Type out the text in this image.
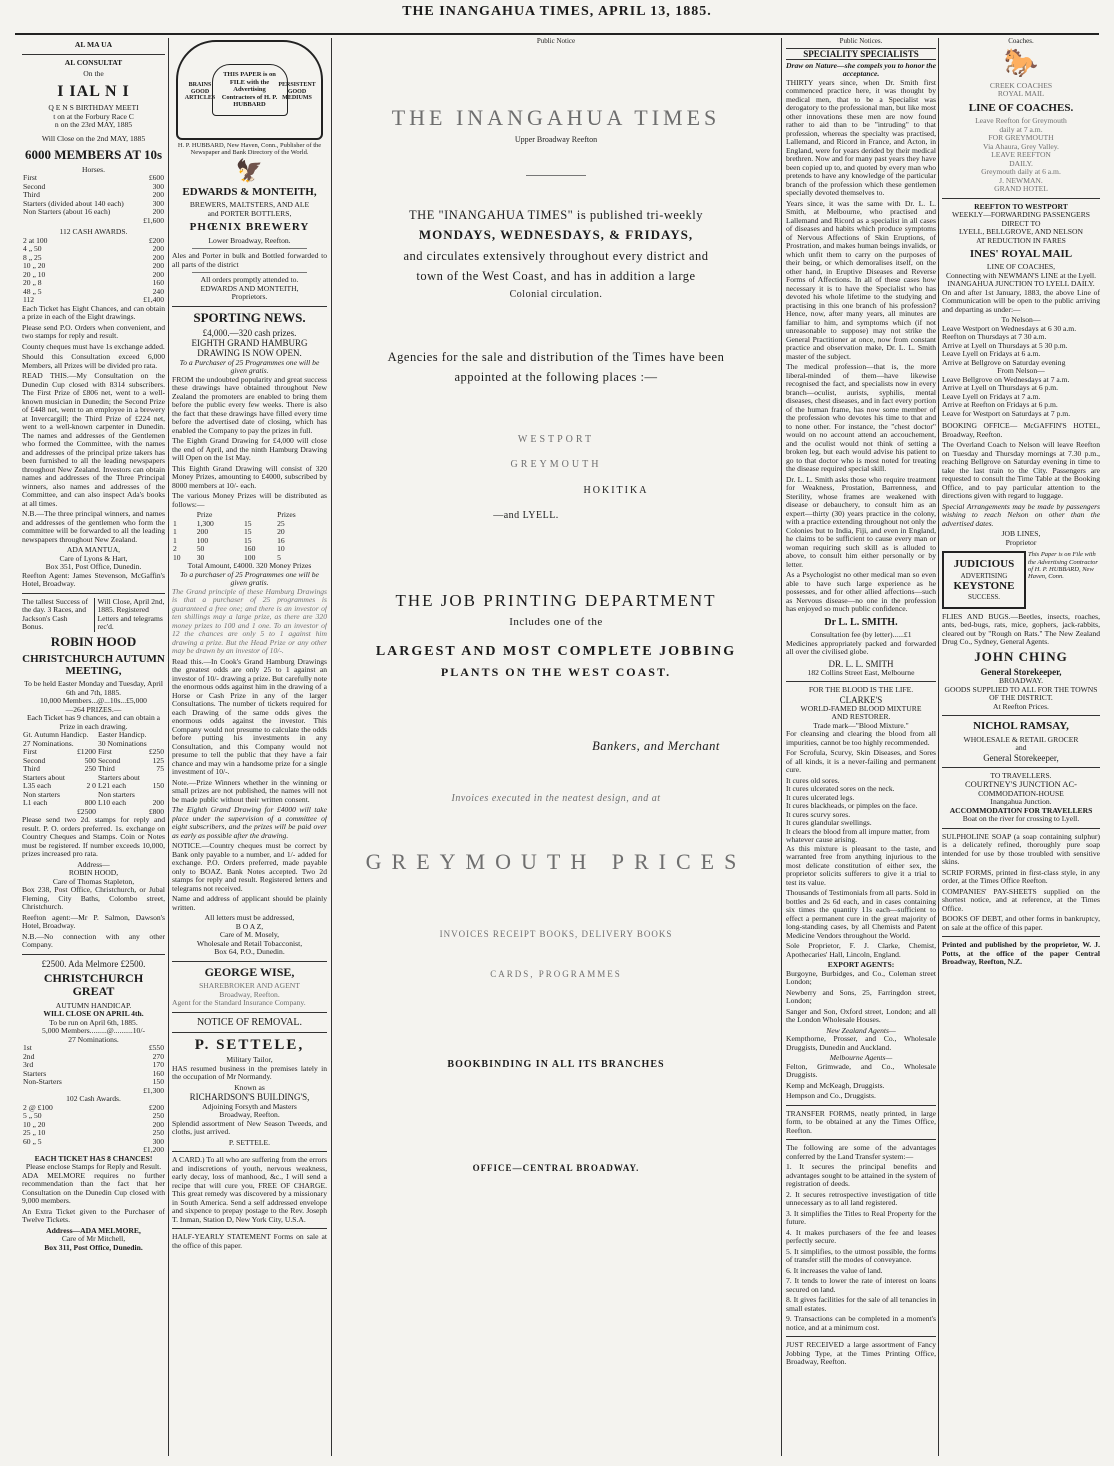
THE INANGAHUA TIMES, APRIL 13, 1885.
AL MA UA
AL CONSULTAT
On the
I IAL N I
Q E N S BIRTHDAY MEETI
t on at the Forbury Race C
n on the 23rd MAY, 1885
Will Close on the 2nd MAY, 1885
6000 MEMBERS AT 10s
Horses.
First	£600
Second	300
Third	200
Starters (divided about 140 each)	300
Non Starters (about 16 each)	200
	£1,600
112 CASH AWARDS.
2 at 100	£200
4 „ 50	200
8 „ 25	200
10 „ 20	200
20 „ 10	200
20 „ 8	160
48 „ 5	240
112	£1,400
Each Ticket has Eight Chances, and can obtain a prize in each of the Eight drawings.
Please send P.O. Orders when convenient, and two stamps for reply and result.
County cheques must have 1s exchange added.
Should this Consultation exceed 6,000 Members, all Prizes will be divided pro rata.
READ THIS.—My Consultation on the Dunedin Cup closed with 8314 subscribers. The First Prize of £806 net, went to a well-known musician in Dunedin; the Second Prize of £448 net, went to an employee in a brewery at Invercargill; the Third Prize of £224 net, went to a well-known carpenter in Dunedin. The names and addresses of the Gentlemen who formed the Committee, with the names and addresses of the principal prize takers has been furnished to all the leading newspapers throughout New Zealand. Investors can obtain names and addresses of the Three Principal winners, also names and addresses of the Committee, and can also inspect Ada's books at all times.
N.B.—The three principal winners, and names and addresses of the gentlemen who form the committee will be forwarded to all the leading newspapers throughout New Zealand.
ADA MANTUA,
Care of Lyons & Hart,
Box 351, Post Office, Dunedin.
Reefton Agent: James Stevenson, McGaffin's Hotel, Broadway.
The tallest Success of the day. 3 Races, and Jackson's Cash Bonus.
Will Close, April 2nd, 1885. Registered Letters and telegrams rec'd.
ROBIN HOOD
CHRISTCHURCH AUTUMN MEETING,
To be held Easter Monday and Tuesday, April 6th and 7th, 1885.
10,000 Members...@...10s...£5,000
—264 PRIZES.—
Each Ticket has 9 chances, and can obtain a Prize in each drawing.
Gt. Autumn Handicp.		Easter Handicp.	
27 Nominations.		30 Nominations	
First	£1200	First	£250
Second	500	Second	125
Third	250	Third	75
Starters about		Starters about	
L35 each	2 0	L21 each	150
Non starters		Non starters	
L1 each	800	L10 each	200
	£2500		£800
Please send two 2d. stamps for reply and result. P. O. orders preferred. 1s. exchange on Country Cheques and Stamps. Coin or Notes must be registered. If number exceeds 10,000, prizes increased pro rata.
Address—
ROBIN HOOD,
Care of Thomas Stapleton,
Box 238, Post Office, Christchurch, or Jubal Fleming, City Baths, Colombo street, Christchurch.
Reefton agent:—Mr P. Salmon, Dawson's Hotel, Broadway.
N.B.—No connection with any other Company.
£2500. Ada Melmore £2500.
CHRISTCHURCH GREAT
AUTUMN HANDICAP.
WILL CLOSE ON APRIL 4th.
To be run on April 6th, 1885.
5,000 Members.........@..........10/-
27 Nominations.
1st	£550
2nd	270
3rd	170
Starters	160
Non-Starters	150
	£1,300
102 Cash Awards.
2 @ £100	£200
5 „ 50	250
10 „ 20	200
25 „ 10	250
60 „ 5	300
	£1,200
EACH TICKET HAS 8 CHANCES!
Please enclose Stamps for Reply and Result.
ADA MELMORE requires no further recommendation than the fact that her Consultation on the Dunedin Cup closed with 9,000 members.
An Extra Ticket given to the Purchaser of Twelve Tickets.
Address—ADA MELMORE,
Care of Mr Mitchell,
Box 311, Post Office, Dunedin.
BRAINS GOOD ARTICLES
THIS PAPER is on FILE with the Advertising Contractors of H. P. HUBBARD
PERSISTENT GOOD MEDIUMS
H. P. HUBBARD, New Haven, Conn., Publisher of the Newspaper and Bank Directory of the World.
🦅
EDWARDS & MONTEITH,
BREWERS, MALTSTERS, AND ALE
and PORTER BOTTLERS,
PHŒNIX BREWERY
Lower Broadway, Reefton.
Ales and Porter in bulk and Bottled forwarded to all parts of the district
All orders promptly attended to.
EDWARDS AND MONTEITH,
Proprietors.
SPORTING NEWS.
£4,000.—320 cash prizes.
EIGHTH GRAND HAMBURG DRAWING IS NOW OPEN.
To a Purchaser of 25 Programmes one will be given gratis.
FROM the undoubted popularity and great success these drawings have obtained throughout New Zealand the promoters are enabled to bring them before the public every few weeks. There is also the fact that these drawings have filled every time before the advertised date of closing, which has enabled the Company to pay the prizes in full.
The Eighth Grand Drawing for £4,000 will close the end of April, and the ninth Hamburg Drawing will Open on the 1st May.
This Eighth Grand Drawing will consist of 320 Money Prizes, amounting to £4000, subscribed by 8000 members at 10/- each.
The various Money Prizes will be distributed as follows:—
	Prize		Prizes
1	1,300	15	25
1	200	15	20
1	100	15	16
2	50	160	10
10	30	100	5
Total Amount, £4000. 320 Money Prizes
To a purchaser of 25 Programmes one will be given gratis.
The Grand principle of these Hamburg Drawings is that a purchaser of 25 programmes is guaranteed a free one; and there is an investor of ten shillings may a large prize, as there are 320 money prizes to 100 and 1 one. To an investor of 12 the chances are only 5 to 1 against him drawing a prize. But the Head Prize or any other may be drawn by an investor of 10/-.
Read this.—In Cook's Grand Hamburg Drawings the greatest odds are only 25 to 1 against an investor of 10/- drawing a prize. But carefully note the enormous odds against him in the drawing of a Horse or Cash Prize in any of the larger Consultations. The number of tickets required for each Drawing of the same odds gives the enormous odds against the investor. This Company would not presume to calculate the odds before putting his investments in any Consultation, and this Company would not presume to tell the public that they have a fair chance and may win a handsome prize for a single investment of 10/-.
Note.—Prize Winners whether in the winning or small prizes are not published, the names will not be made public without their written consent.
The Eighth Grand Drawing for £4000 will take place under the supervision of a committee of eight subscribers, and the prizes will be paid over as early as possible after the drawing.
NOTICE.—Country cheques must be correct by Bank only payable to a number, and 1/- added for exchange. P.O. Orders preferred, made payable only to BOAZ. Bank Notes accepted. Two 2d stamps for reply and result. Registered letters and telegrams not received.
Name and address of applicant should be plainly written.
All letters must be addressed,
B O A Z,
Care of M. Mosely,
Wholesale and Retail Tobacconist,
Box 64, P.O., Dunedin.
GEORGE WISE,
SHAREBROKER AND AGENT
Broadway, Reefton.
Agent for the Standard Insurance Company.
NOTICE OF REMOVAL.
P. SETTELE,
Military Tailor,
HAS resumed business in the premises lately in the occupation of Mr Normandy.
Known as
RICHARDSON'S BUILDING'S,
Adjoining Forsyth and Masters
Broadway, Reefton.
Splendid assortment of New Season Tweeds, and cloths, just arrived.
P. SETTELE.
A CARD.) To all who are suffering from the errors and indiscretions of youth, nervous weakness, early decay, loss of manhood, &c., I will send a recipe that will cure you, FREE OF CHARGE. This great remedy was discovered by a missionary in South America. Send a self addressed envelope and sixpence to prepay postage to the Rev. Joseph T. Inman, Station D, New York City, U.S.A.
HALF-YEARLY STATEMENT Forms on sale at the office of this paper.
Public Notice
THE INANGAHUA TIMES
Upper Broadway Reefton
THE "INANGAHUA TIMES" is published tri-weekly
MONDAYS, WEDNESDAYS, & FRIDAYS,
and circulates extensively throughout every district and
town of the West Coast, and has in addition a large
Colonial circulation.
Agencies for the sale and distribution of the Times have been
appointed at the following places :—
WESTPORT
GREYMOUTH
HOKITIKA
—and LYELL.
THE JOB PRINTING DEPARTMENT
Includes one of the
LARGEST AND MOST COMPLETE JOBBING
PLANTS ON THE WEST COAST.
Bankers, and Merchant
Invoices executed in the neatest design, and at
GREYMOUTH PRICES
INVOICES RECEIPT BOOKS, DELIVERY BOOKS
CARDS, PROGRAMMES
BOOKBINDING IN ALL ITS BRANCHES
OFFICE—CENTRAL BROADWAY.
Public Notices.
SPECIALITY SPECIALISTS
Draw on Nature—she compels you to honor the acceptance.
THIRTY years since, when Dr. Smith first commenced practice here, it was thought by medical men, that to be a Specialist was derogatory to the professional man, but like most other innovations these men are now found rather to aid than to be "intruding" to that profession, whereas the specialty was practised, Lallemand, and Ricord in France, and Acton, in England, were for years derided by their medical brethren. Now and for many past years they have been copied up to, and quoted by every man who pretends to have any knowledge of the particular branch of the profession which these gentlemen specially devoted themselves to.
Years since, it was the same with Dr. L. L. Smith, at Melbourne, who practised and Lallemand and Ricord as a specialist in all cases of diseases and habits which produce symptoms of Nervous Affections of Skin Eruptions, of Prostration, and makes human beings invalids, or which unfit them to carry on the purposes of their being, or which demoralises itself, on the other hand, in Eruptive Diseases and Reverse Forms of Affections. In all of these cases how necessary it is to have the Specialist who has devoted his whole lifetime to the studying and practising in this one branch of his profession? Hence, now, after many years, all minutes are familiar to him, and symptoms which (if not unreasonable to suppose) may not strike the General Practitioner at once, now from constant practice and observation make, Dr. L. L. Smith master of the subject.
The medical profession—that is, the more liberal-minded of them—have likewise recognised the fact, and specialists now in every branch—oculist, aurists, syphilis, mental diseases, chest diseases, and in fact every portion of the human frame, has now some member of the profession who devotes his time to that and to none other. For instance, the "chest doctor" would on no account attend an accouchement, and the oculist would not think of setting a broken leg, but each would advise his patient to go to that doctor who is most noted for treating the disease required special skill.
Dr. L. L. Smith asks those who require treatment for Weakness, Prostation, Barrenness, and Sterility, whose frames are weakened with disease or debauchery, to consult him as an expert—thirty (30) years practice in the colony, with a practice extending throughout not only the Colonies but to India, Fiji, and even in England, he claims to be sufficient to cause every man or woman requiring such skill as is alluded to above, to consult him either personally or by letter.
As a Psychologist no other medical man so even able to have such large experience as he possesses, and for other allied affections—such as Nervous disease—no one in the profession has enjoyed so much public confidence.
Dr L. L. SMITH.
Consultation fee (by letter)......£1
Medicines appropriately packed and forwarded all over the civilised globe.
DR. L. L. SMITH
182 Collins Street East, Melbourne
FOR THE BLOOD IS THE LIFE.
CLARKE'S
WORLD-FAMED BLOOD MIXTURE
AND RESTORER.
Trade mark—"Blood Mixture."
For cleansing and clearing the blood from all impurities, cannot be too highly recommended.
For Scrofula, Scurvy, Skin Diseases, and Sores of all kinds, it is a never-failing and permanent cure.
It cures old sores.
It cures ulcerated sores on the neck.
It cures ulcerated legs.
It cures blackheads, or pimples on the face.
It cures scurvy sores.
It cures glandular swellings.
It clears the blood from all impure matter, from whatever cause arising.
As this mixture is pleasant to the taste, and warranted free from anything injurious to the most delicate constitution of either sex, the proprietor solicits sufferers to give it a trial to test its value.
Thousands of Testimonials from all parts. Sold in bottles and 2s 6d each, and in cases containing six times the quantity 11s each—sufficient to effect a permanent cure in the great majority of long-standing cases, by all Chemists and Patent Medicine Vendors throughout the World.
Sole Proprietor, F. J. Clarke, Chemist, Apothecaries' Hall, Lincoln, England.
EXPORT AGENTS:
Burgoyne, Burbidges, and Co., Coleman street London;
Newberry and Sons, 25, Farringdon street, London;
Sanger and Son, Oxford street, London; and all the London Wholesale Houses.
New Zealand Agents—
Kempthorne, Prosser, and Co., Wholesale Druggists, Dunedin and Auckland.
Melbourne Agents—
Felton, Grimwade, and Co., Wholesale Druggists.
Kemp and McKeagh, Druggists.
Hempson and Co., Druggists.
TRANSFER FORMS, neatly printed, in large form, to be obtained at any the Times Office, Reefton.
The following are some of the advantages conferred by the Land Transfer system:—
1. It secures the principal benefits and advantages sought to be attained in the system of registration of deeds.
2. It secures retrospective investigation of title unnecessary as to all land registered.
3. It simplifies the Titles to Real Property for the future.
4. It makes purchasers of the fee and leases perfectly secure.
5. It simplifies, to the utmost possible, the forms of transfer still the modes of conveyance.
6. It increases the value of land.
7. It tends to lower the rate of interest on loans secured on land.
8. It gives facilities for the sale of all tenancies in small estates.
9. Transactions can be completed in a moment's notice, and at a minimum cost.
JUST RECEIVED a large assortment of Fancy Jobbing Type, at the Times Printing Office, Broadway, Reefton.
Coaches.
🐎
CREEK COACHES
ROYAL MAIL
LINE OF COACHES.
Leave Reefton for Greymouth
daily at 7 a.m.
FOR GREYMOUTH
Via Ahaura, Grey Valley.
LEAVE REEFTON
DAILY.
Greymouth daily at 6 a.m.
J. NEWMAN.
GRAND HOTEL
REEFTON TO WESTPORT
WEEKLY—FORWARDING PASSENGERS DIRECT TO
LYELL, BELLGROVE, AND NELSON
AT REDUCTION IN FARES
INES' ROYAL MAIL
LINE OF COACHES,
Connecting with NEWMAN'S LINE at the Lyell.
INANGAHUA JUNCTION TO LYELL DAILY.
On and after 1st January, 1883, the above Line of Communication will be open to the public arriving and departing as under:—
To Nelson—
Leave Westport on Wednesdays at 6 30 a.m.
Reefton on Thursdays at 7 30 a.m.
Arrive at Lyell on Thursdays at 5 30 p.m.
Leave Lyell on Fridays at 6 a.m.
Arrive at Bellgrove on Saturday evening
From Nelson—
Leave Bellgrove on Wednesdays at 7 a.m.
Arrive at Lyell on Thursdays at 6 p.m.
Leave Lyell on Fridays at 7 a.m.
Arrive at Reefton on Fridays at 6 p.m.
Leave for Westport on Saturdays at 7 p.m.
BOOKING OFFICE— McGAFFIN'S HOTEL, Broadway, Reefton.
The Overland Coach to Nelson will leave Reefton on Tuesday and Thursday mornings at 7.30 p.m., reaching Bellgrove on Saturday evening in time to take the last train to the City. Passengers are requested to consult the Time Table at the Booking Office, and to pay particular attention to the directions given with regard to luggage.
Special Arrangements may be made by passengers wishing to reach Nelson on other than the advertised dates.
JOB LINES,
Proprietor
JUDICIOUS
ADVERTISING
KEYSTONE
SUCCESS.
This Paper is on File with the Advertising Contractor of H. P. HUBBARD, New Haven, Conn.
FLIES AND BUGS.—Beetles, insects, roaches, ants, bed-bugs, rats, mice, gophers, jack-rabbits, cleared out by "Rough on Rats." The New Zealand Drug Co., Sydney, General Agents.
JOHN CHING
General Storekeeper,
BROADWAY.
GOODS SUPPLIED TO ALL FOR THE TOWNS OF THE DISTRICT.
At Reefton Prices.
NICHOL RAMSAY,
WHOLESALE & RETAIL GROCER
and
General Storekeeper,
TO TRAVELLERS.
COURTNEY'S JUNCTION AC-
COMMODATION-HOUSE
Inangahua Junction.
ACCOMMODATION FOR TRAVELLERS
Boat on the river for crossing to Lyell.
SULPHOLINE SOAP (a soap containing sulphur) is a delicately refined, thoroughly pure soap intended for use by those troubled with sensitive skins.
SCRIP FORMS, printed in first-class style, in any order, at the Times Office Reefton.
COMPANIES' PAY-SHEETS supplied on the shortest notice, and at reference, at the Times Office.
BOOKS OF DEBT, and other forms in bankruptcy, on sale at the office of this paper.
Printed and published by the proprietor, W. J. Potts, at the office of the paper Central Broadway, Reefton, N.Z.
